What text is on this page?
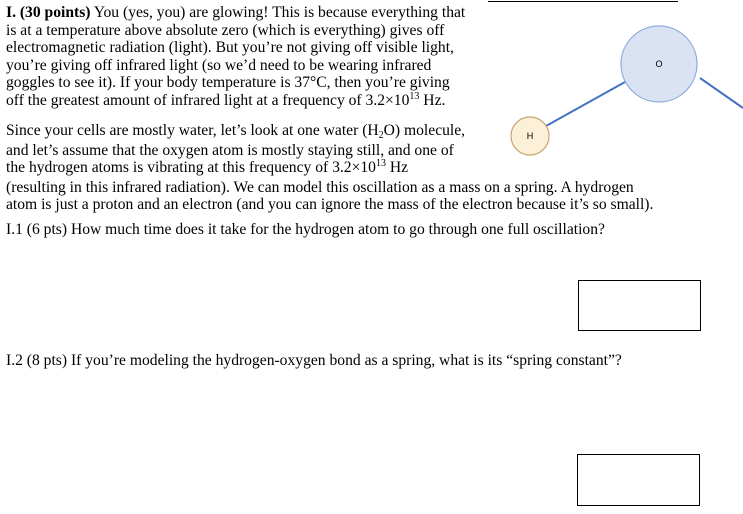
O
H
I. (30 points) You (yes, you) are glowing! This is because everything that
is at a temperature above absolute zero (which is everything) gives off
electromagnetic radiation (light). But you’re not giving off visible light,
you’re giving off infrared light (so we’d need to be wearing infrared
goggles to see it). If your body temperature is 37°C, then you’re giving
off the greatest amount of infrared light at a frequency of $3.2\times 10^{13}$ Hz.
Since your cells are mostly water, let’s look at one water $(H_2O)$ molecule,
and let’s assume that the oxygen atom is mostly staying still, and one of
the hydrogen atoms is vibrating at this frequency of $3.2\times 10^{13}$ Hz
(resulting in this infrared radiation). We can model this oscillation as a mass on a spring. A hydrogen
atom is just a proton and an electron (and you can ignore the mass of the electron because it’s so small).
I.1 (6 pts) How much time does it take for the hydrogen atom to go through one full oscillation?
I.2 (8 pts) If you’re modeling the hydrogen-oxygen bond as a spring, what is its “spring constant”?
